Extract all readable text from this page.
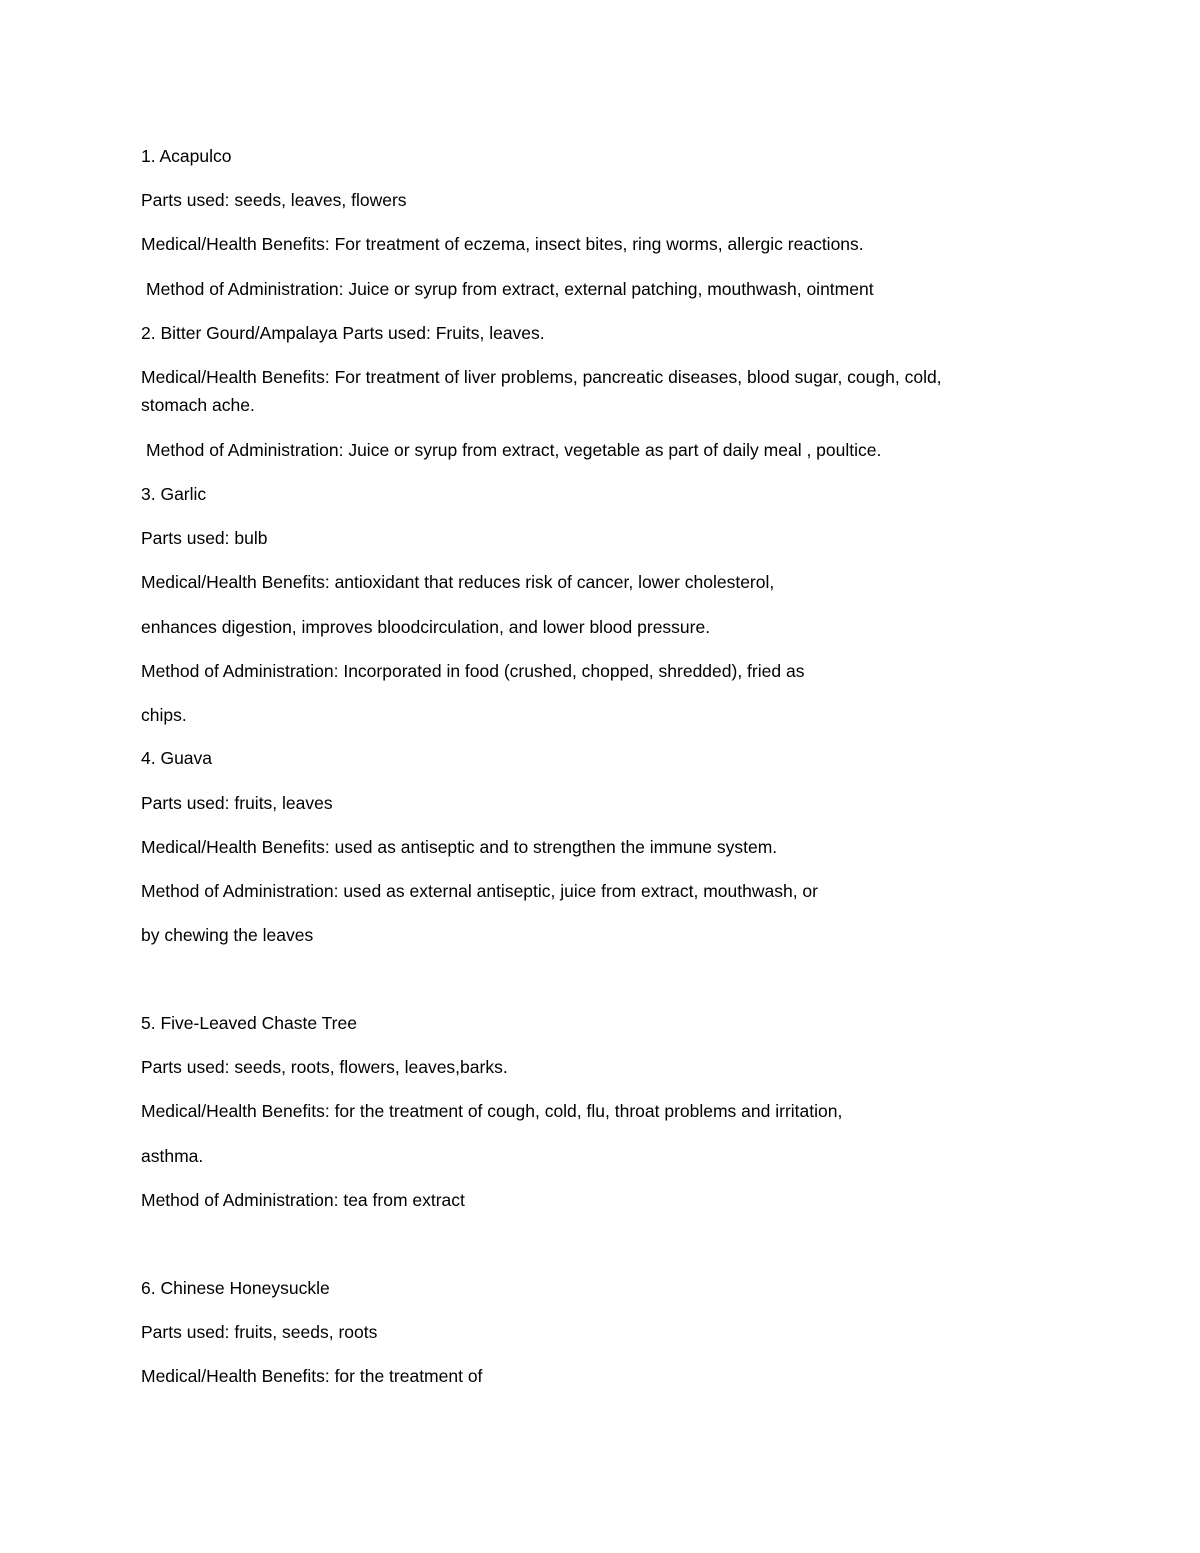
1. Acapulco
Parts used: seeds, leaves, flowers
Medical/Health Benefits: For treatment of eczema, insect bites, ring worms, allergic reactions.
Method of Administration: Juice or syrup from extract, external patching, mouthwash, ointment
2. Bitter Gourd/Ampalaya Parts used: Fruits, leaves.
Medical/Health Benefits: For treatment of liver problems, pancreatic diseases, blood sugar, cough, cold,
stomach ache.
Method of Administration: Juice or syrup from extract, vegetable as part of daily meal , poultice.
3. Garlic
Parts used: bulb
Medical/Health Benefits: antioxidant that reduces risk of cancer, lower cholesterol,
enhances digestion, improves bloodcirculation, and lower blood pressure.
Method of Administration: Incorporated in food (crushed, chopped, shredded), fried as
chips.
4. Guava
Parts used: fruits, leaves
Medical/Health Benefits: used as antiseptic and to strengthen the immune system.
Method of Administration: used as external antiseptic, juice from extract, mouthwash, or
by chewing the leaves
5. Five-Leaved Chaste Tree
Parts used: seeds, roots, flowers, leaves,barks.
Medical/Health Benefits: for the treatment of cough, cold, flu, throat problems and irritation,
asthma.
Method of Administration: tea from extract
6. Chinese Honeysuckle
Parts used: fruits, seeds, roots
Medical/Health Benefits: for the treatment of
